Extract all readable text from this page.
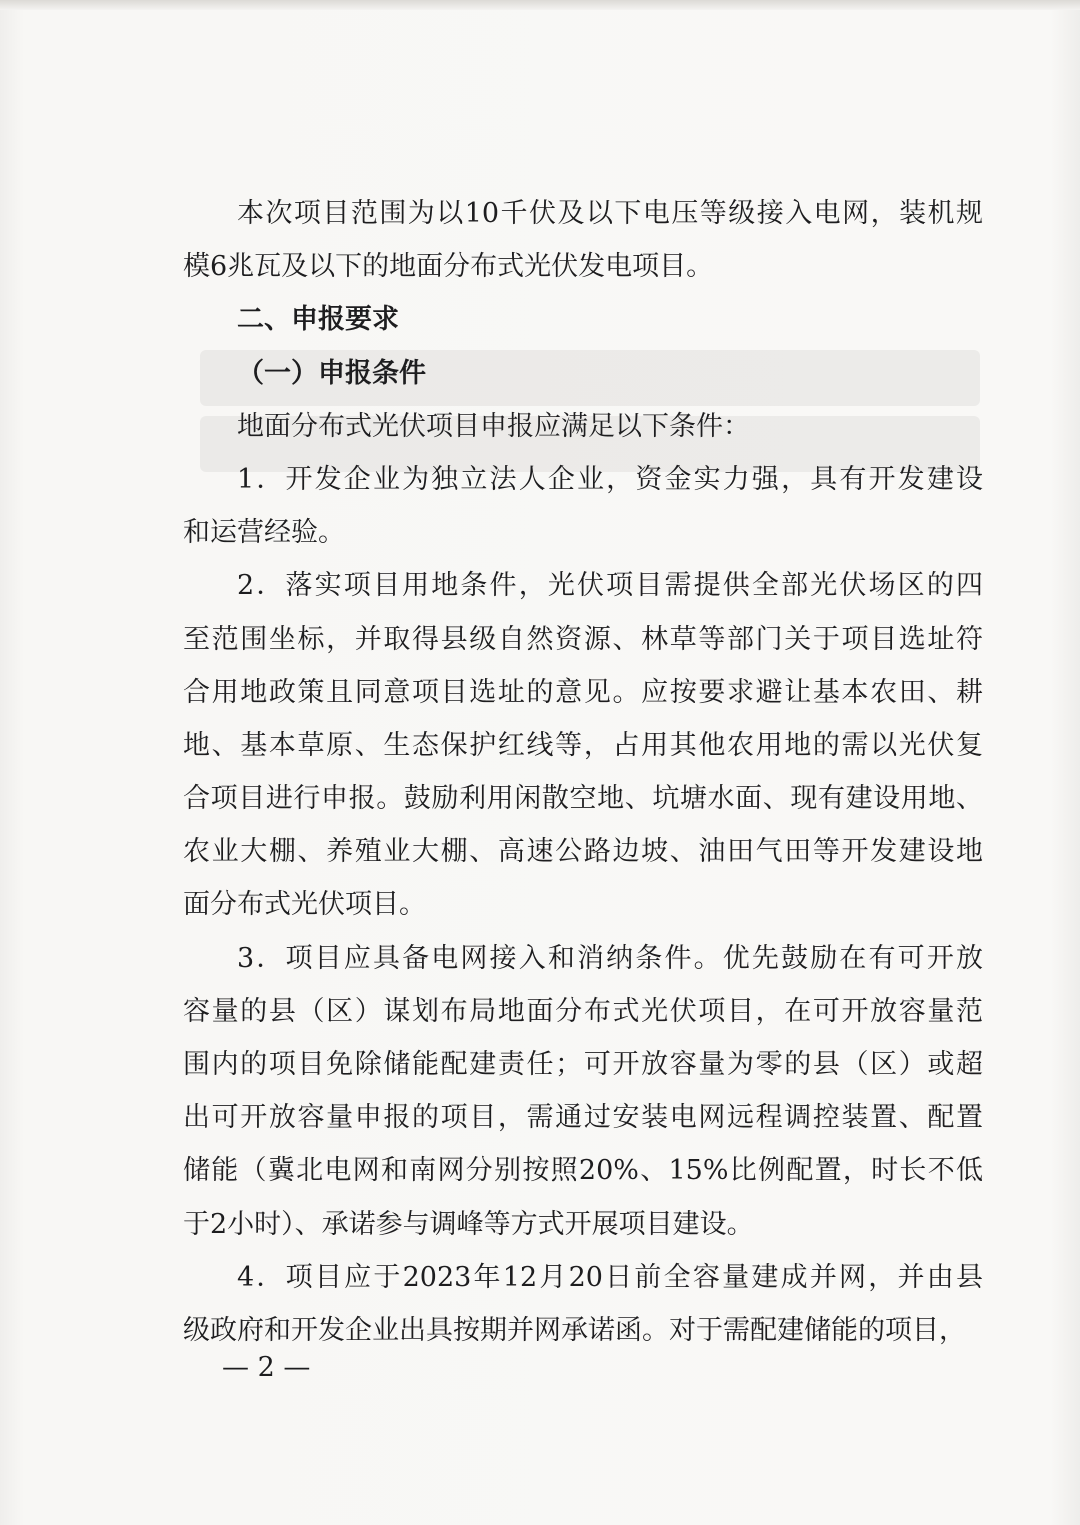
本次项目范围为以10千伏及以下电压等级接入电网，装机规
模6兆瓦及以下的地面分布式光伏发电项目。
二、申报要求
（一）申报条件
地面分布式光伏项目申报应满足以下条件：
1．开发企业为独立法人企业，资金实力强，具有开发建设
和运营经验。
2．落实项目用地条件，光伏项目需提供全部光伏场区的四
至范围坐标，并取得县级自然资源、林草等部门关于项目选址符
合用地政策且同意项目选址的意见。应按要求避让基本农田、耕
地、基本草原、生态保护红线等，占用其他农用地的需以光伏复
合项目进行申报。鼓励利用闲散空地、坑塘水面、现有建设用地、
农业大棚、养殖业大棚、高速公路边坡、油田气田等开发建设地
面分布式光伏项目。
3．项目应具备电网接入和消纳条件。优先鼓励在有可开放
容量的县（区）谋划布局地面分布式光伏项目，在可开放容量范
围内的项目免除储能配建责任；可开放容量为零的县（区）或超
出可开放容量申报的项目，需通过安装电网远程调控装置、配置
储能（冀北电网和南网分别按照20%、15%比例配置，时长不低
于2小时）、承诺参与调峰等方式开展项目建设。
4．项目应于2023年12月20日前全容量建成并网，并由县
级政府和开发企业出具按期并网承诺函。对于需配建储能的项目，
— 2 —
